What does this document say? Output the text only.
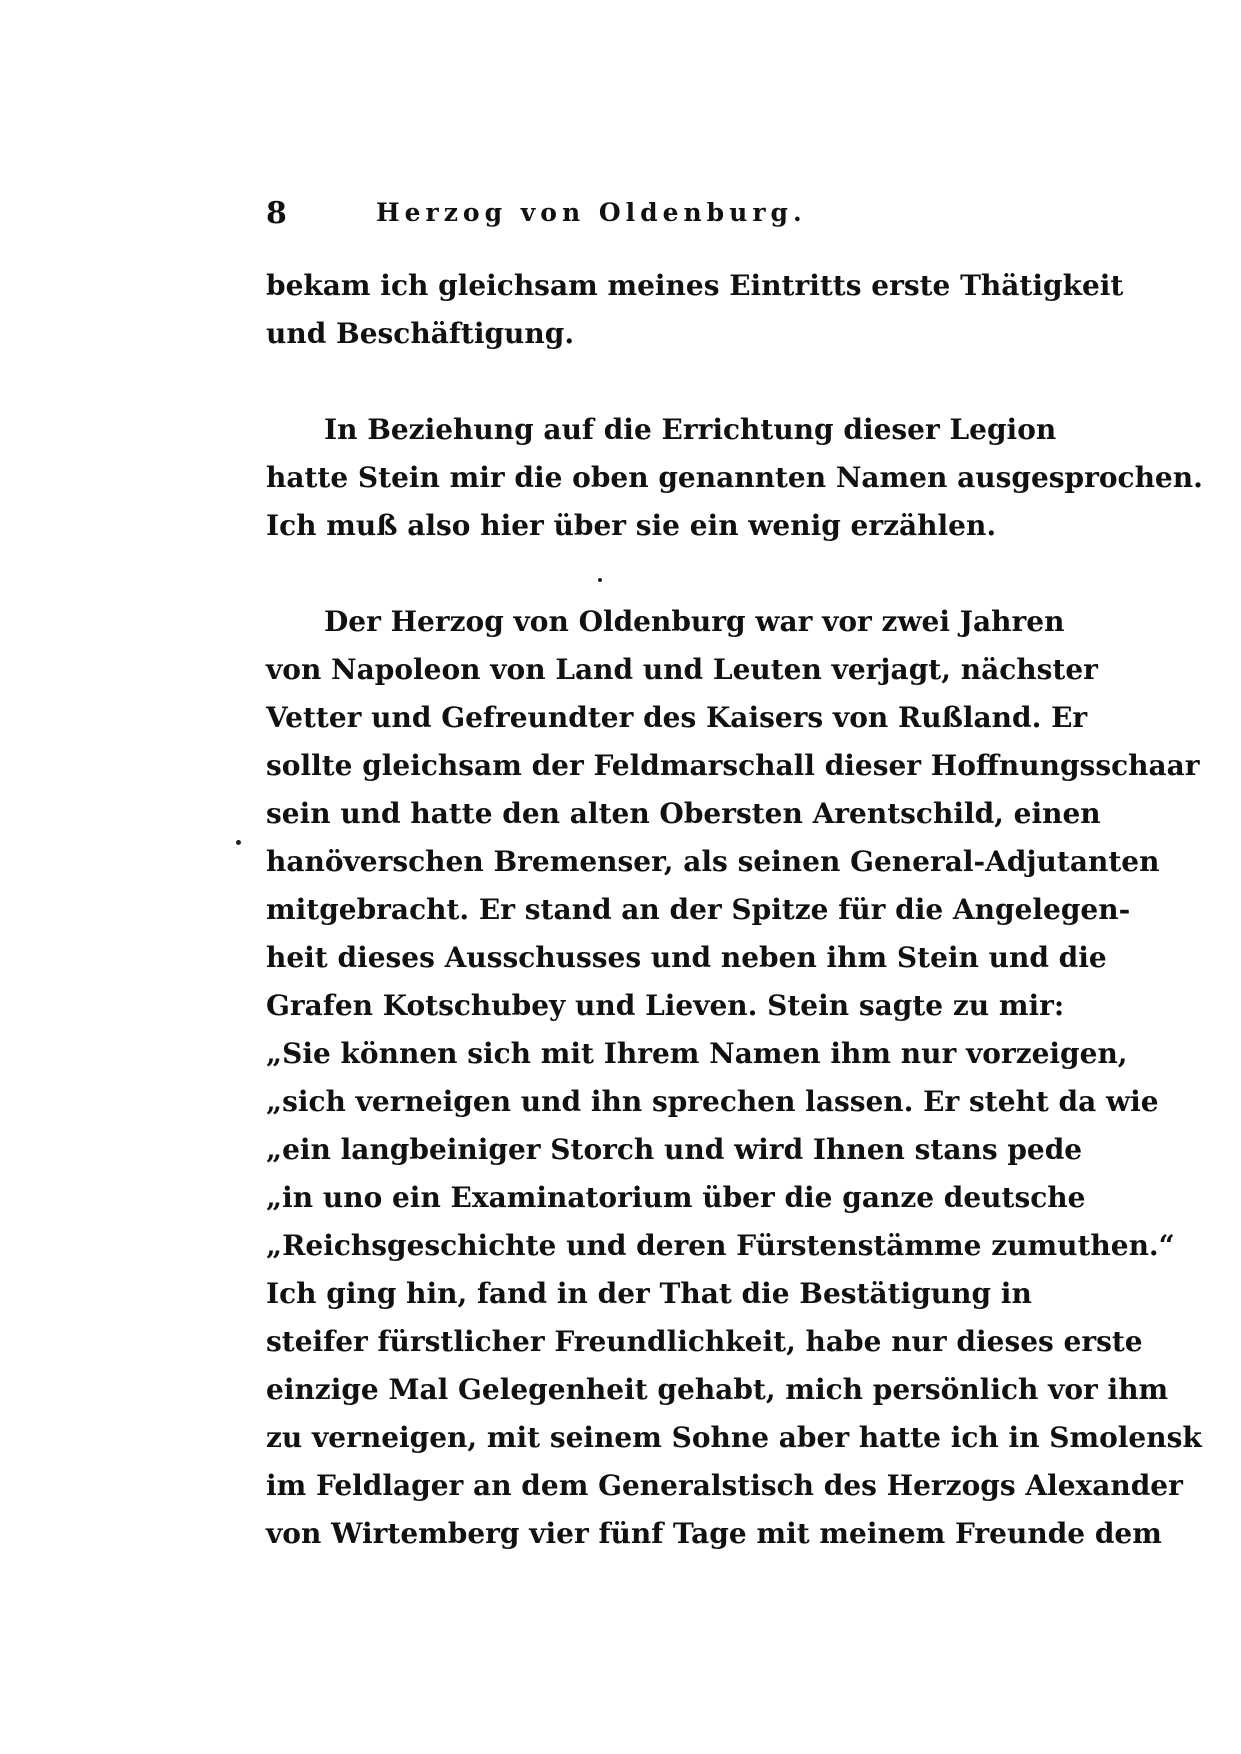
8	Herzog von Oldenburg.
bekam ich gleichsam meines Eintritts erste Thätigkeit
und Beschäftigung.
In Beziehung auf die Errichtung dieser Legion
hatte Stein mir die oben genannten Namen ausgesprochen.
Ich muß also hier über sie ein wenig erzählen.
Der Herzog von Oldenburg war vor zwei Jahren
von Napoleon von Land und Leuten verjagt, nächster
Vetter und Gefreundter des Kaisers von Rußland. Er
sollte gleichsam der Feldmarschall dieser Hoffnungsschaar
sein und hatte den alten Obersten Arentschild, einen
hanöverschen Bremenser, als seinen General-Adjutanten
mitgebracht. Er stand an der Spitze für die Angelegen-
heit dieses Ausschusses und neben ihm Stein und die
Grafen Kotschubey und Lieven. Stein sagte zu mir:
„Sie können sich mit Ihrem Namen ihm nur vorzeigen,
„sich verneigen und ihn sprechen lassen. Er steht da wie
„ein langbeiniger Storch und wird Ihnen stans pede
„in uno ein Examinatorium über die ganze deutsche
„Reichsgeschichte und deren Fürstenstämme zumuthen.“
Ich ging hin, fand in der That die Bestätigung in
steifer fürstlicher Freundlichkeit, habe nur dieses erste
einzige Mal Gelegenheit gehabt, mich persönlich vor ihm
zu verneigen, mit seinem Sohne aber hatte ich in Smolensk
im Feldlager an dem Generalstisch des Herzogs Alexander
von Wirtemberg vier fünf Tage mit meinem Freunde dem
